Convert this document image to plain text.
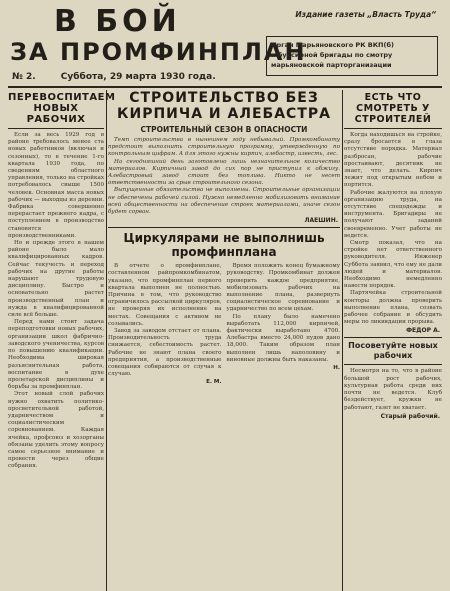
В БОЙ
ЗА ПРОМФИНПЛАН
Издание газеты „Власть Труда“
Орган Марьяновского РК ВКП(б)
и буксирной бригады по смотру
марьяновской парторганизации
№ 2.	Суббота, 29 марта 1930 года.
ПЕРЕВОСПИТАЕМ НОВЫХ РАБОЧИХ

Если за весь 1929 год в районе требовалось менее ста новых работников (включая и сезонных), то в течение 1-го квартала 1930 года, по сведениям областного управления, только на стройках потребовалось свыше 1500 человек. Основная масса новых рабочих — выходцы из деревни. Фабрика совершенно перерастает прежнего кадра, с поступлением в производство становятся производственниками.

Но и прежде этого в нашем районе было мало квалифицированных кадров. Сейчас текучесть и переход рабочих на другие работы нарушают трудовую дисциплину. Быстро и основательно растет производственный план и нужда в квалифицированной силе всё больше.

Перед нами стоит задача переподготовки новых рабочих, организации школ фабрично-заводского ученичества, курсов по повышению квалификации. Необходима широкая разъяснительная работа, воспитание в духе пролетарской дисциплины и борьбы за промфинплан.

Этот новый слой рабочих нужно охватить политико-просветительной работой, ударничеством и социалистическим соревнованием. Каждая ячейка, профсоюз и хозорганы обязаны уделить этому вопросу самое серьезное внимание и провести через общие собрания.

СТРОИТЕЛЬСТВО БЕЗ КИРПИЧА И АЛЕБАСТРА
СТРОИТЕЛЬНЫЙ СЕЗОН В ОПАСНОСТИ

Темп строительства в нынешнем году небывалый. Промкомбинату предстоит выполнить строительную программу, утвержденную по контрольным цифрам. А для этого нужны кирпич, алебастр, известь, лес.

На сегодняшний день заготовлено лишь незначительное количество материалов. Кирпичный завод до сих пор не приступил к обжигу. Алебастровый завод стоит без топлива. Никто не несет ответственности за срыв строительного сезона.

Выпущенные обязательства не выполнены. Строительные организации не обеспечены рабочей силой. Нужно немедленно мобилизовать внимание всей общественности на обеспечение строек материалами, иначе сезон будет сорван.

ЛАЕШИН.
Циркулярами не выполнишь промфинплана

В отчете о промфинплане, составленном райпромкомбинатом, указано, что промфинплан первого квартала выполнен не полностью. Причина в том, что руководство ограничилось рассылкой циркуляров, не проверяя их исполнение на местах. Совещания с активом не созывались.

Завод за заводом отстает от плана. Производительность труда снижается, себестоимость растет. Рабочие не знают плана своего предприятия, а производственные совещания собираются от случая к случаю.

Е. М.

Время положить конец бумажному руководству. Промкомбинат должен проверить каждое предприятие, мобилизовать рабочих на выполнение плана, развернуть социалистическое соревнование и ударничество по всем цехам.

По плану было намечено выработать 112,000 кирпичей, фактически выработано 4700. Алебастра вместо 24,000 пудов дано 18,000. Таким образом план выполнен лишь наполовину и виновные должны быть наказаны.

Н.
ЕСТЬ ЧТО СМОТРЕТЬ У СТРОИТЕЛЕЙ

Когда находишься на стройке, сразу бросается в глаза отсутствие порядка. Материал разбросан, рабочие простаивают, десятник не знает, что делать. Кирпич лежит под открытым небом и портится.

Рабочие жалуются на плохую организацию труда, на отсутствие спецодежды и инструмента. Бригадиры не получают заданий своевременно. Учет работы не ведется.

Смотр показал, что на стройке нет ответственного руководителя. Инженер Суббота заявил, что ему не дали людей и материалов. Необходимо немедленно навести порядок.

Партячейка строительной конторы должна проверить выполнение плана, созвать рабочее собрание и обсудить меры по ликвидации прорыва.

ФЕДОР А.
Посоветуйте новых рабочих

Несмотря на то, что в районе большой рост рабочих, культурная работа среди них почти не ведется. Клуб бездействует, кружки не работают, газет не хватает.

Старый рабочий.
